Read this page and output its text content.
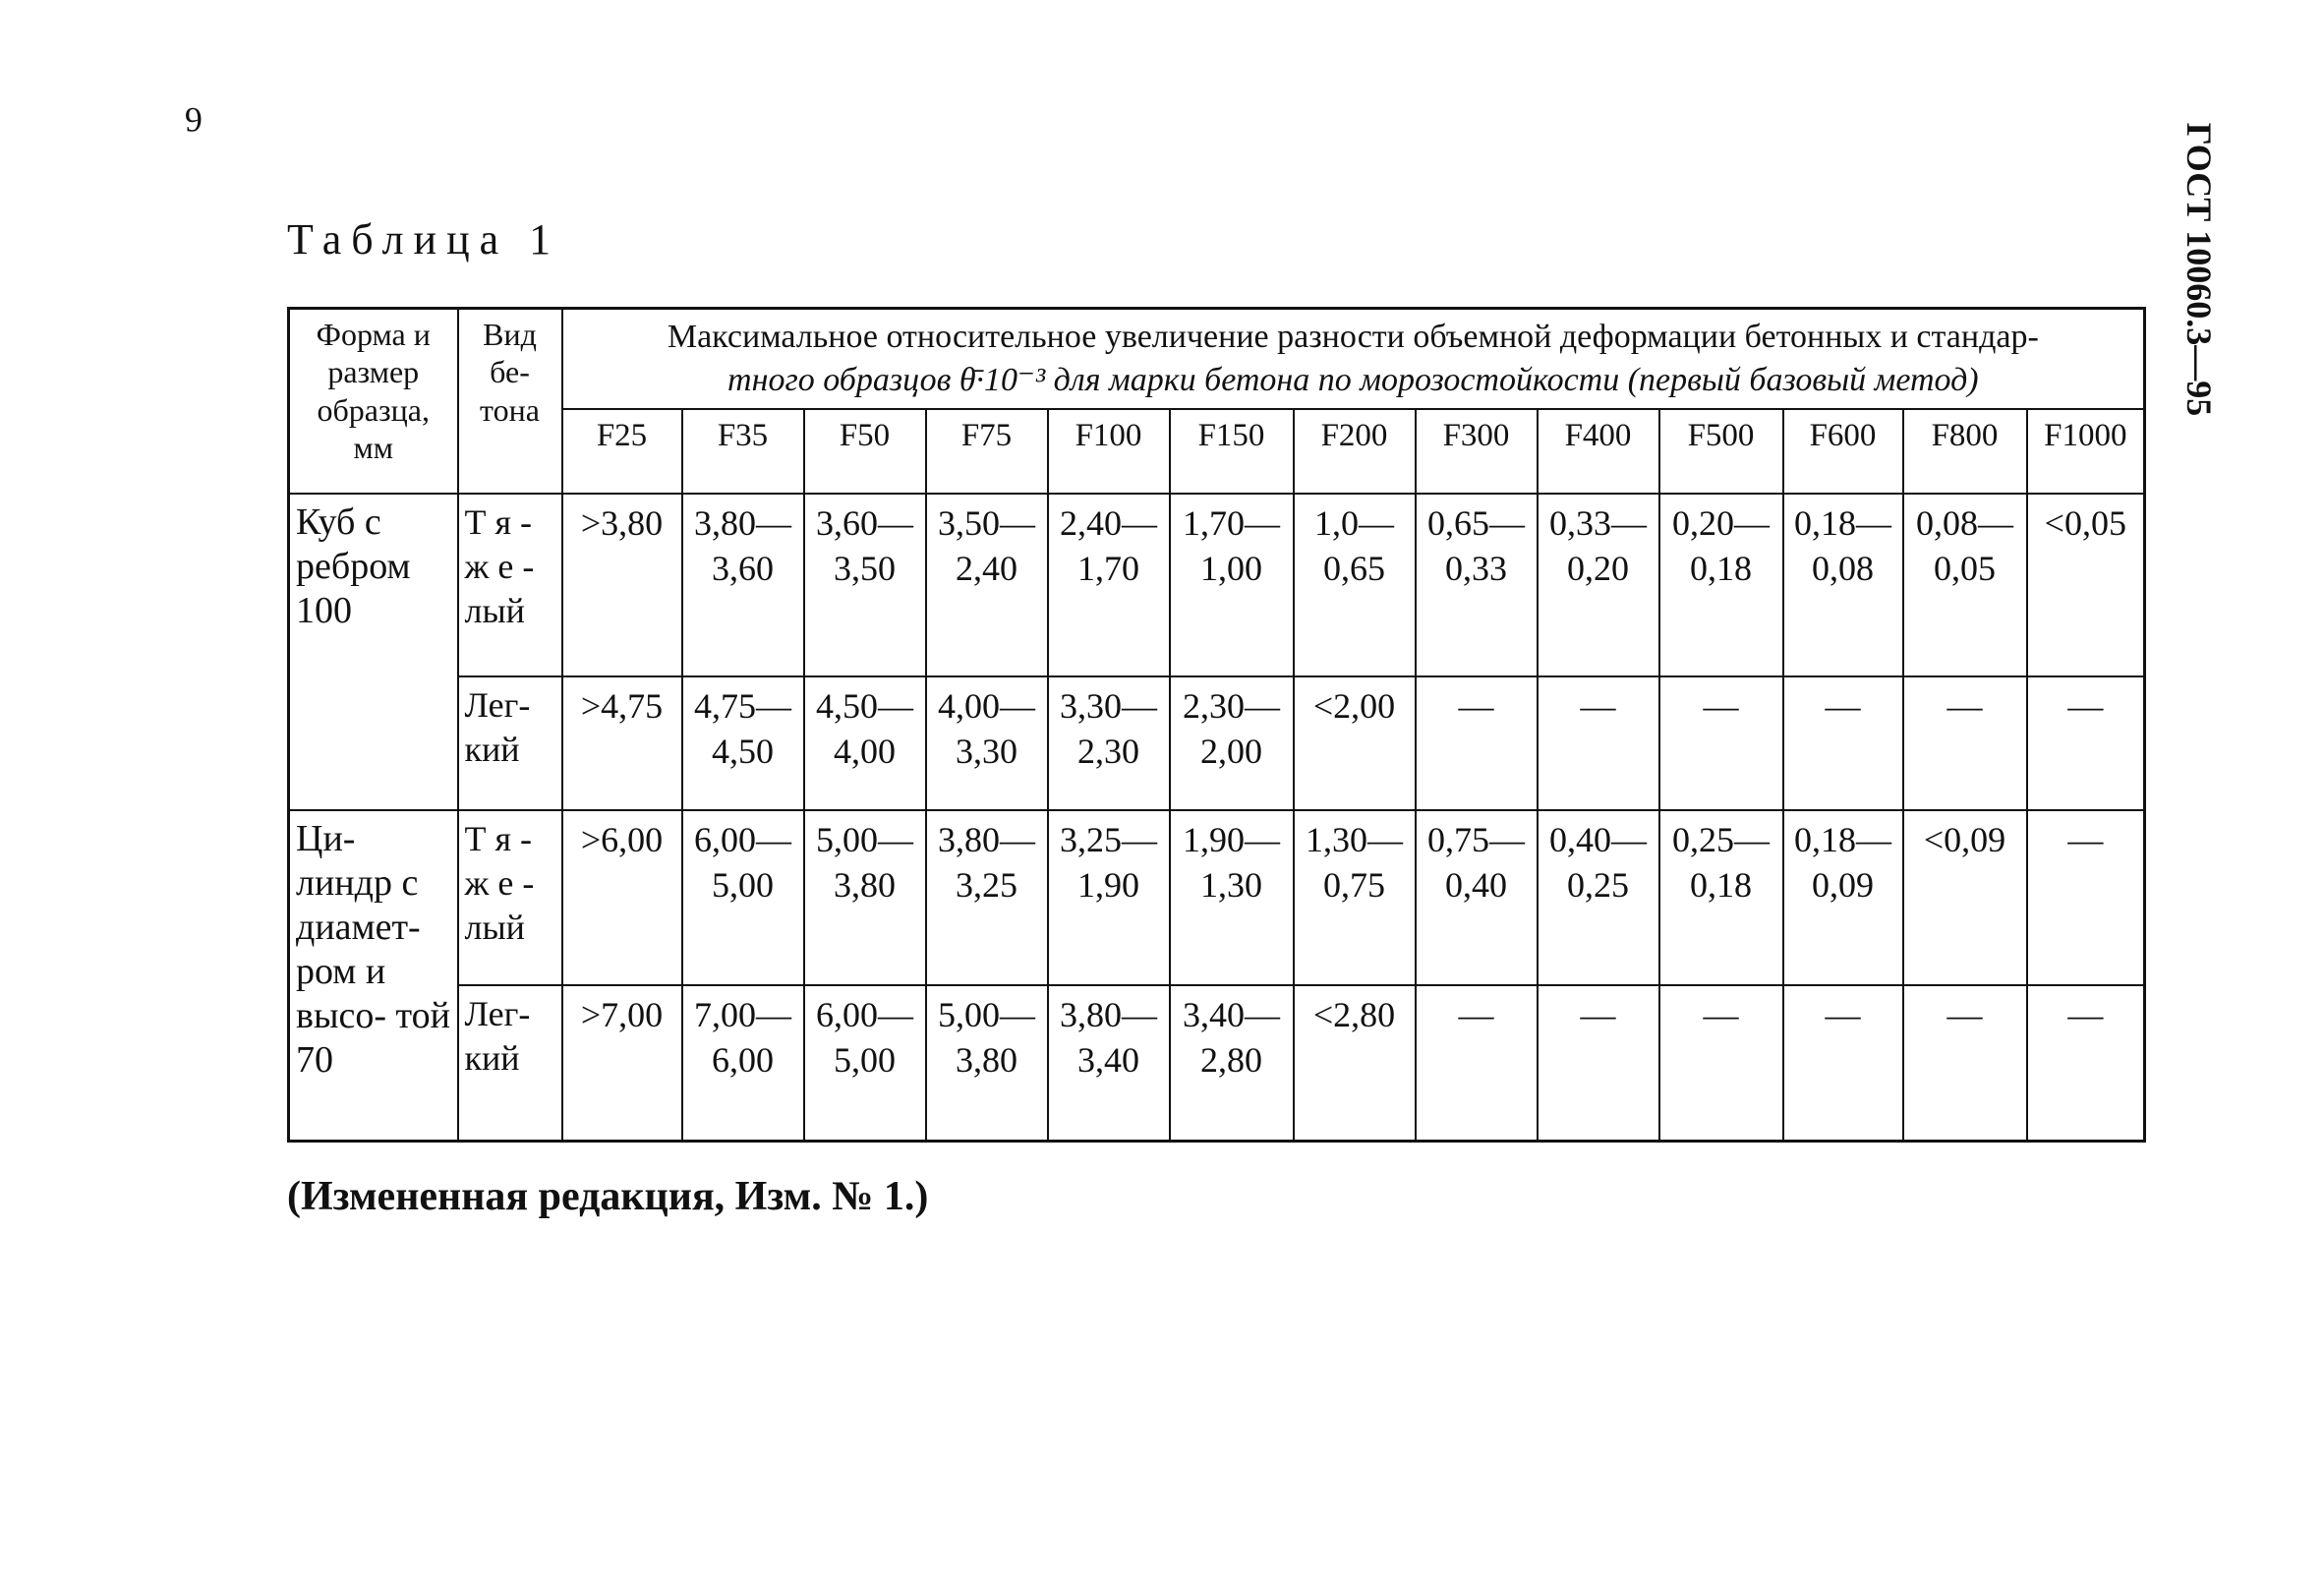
6
ГОСТ 10060.3—95
Таблица 1
Форма и размер образца, мм	Вид бе-тона	Максимальное относительное увеличение разности объемной деформации бетонных и стандар-
тного образцов θ̄·10⁻³ для марки бетона по морозостойкости (первый базовый метод)												

		F25	F35	F50	F75	F100	F150	F200	F300	F400	F500	F600	F800	F1000
Куб с ребром 100	Т я - ж е - лый	>3,80	3,80— 3,60	3,60— 3,50	3,50— 2,40	2,40— 1,70	1,70— 1,00	1,0— 0,65	0,65— 0,33	0,33— 0,20	0,20— 0,18	0,18— 0,08	0,08— 0,05	<0,05
	Лег- кий	>4,75	4,75— 4,50	4,50— 4,00	4,00— 3,30	3,30— 2,30	2,30— 2,00	<2,00	—	—	—	—	—	—
Ци- линдр с диамет- ром и высо- той 70	Т я - ж е - лый	>6,00	6,00— 5,00	5,00— 3,80	3,80— 3,25	3,25— 1,90	1,90— 1,30	1,30— 0,75	0,75— 0,40	0,40— 0,25	0,25— 0,18	0,18— 0,09	<0,09	—
	Лег- кий	>7,00	7,00— 6,00	6,00— 5,00	5,00— 3,80	3,80— 3,40	3,40— 2,80	<2,80	—	—	—	—	—	—
(Измененная редакция, Изм. № 1.)
